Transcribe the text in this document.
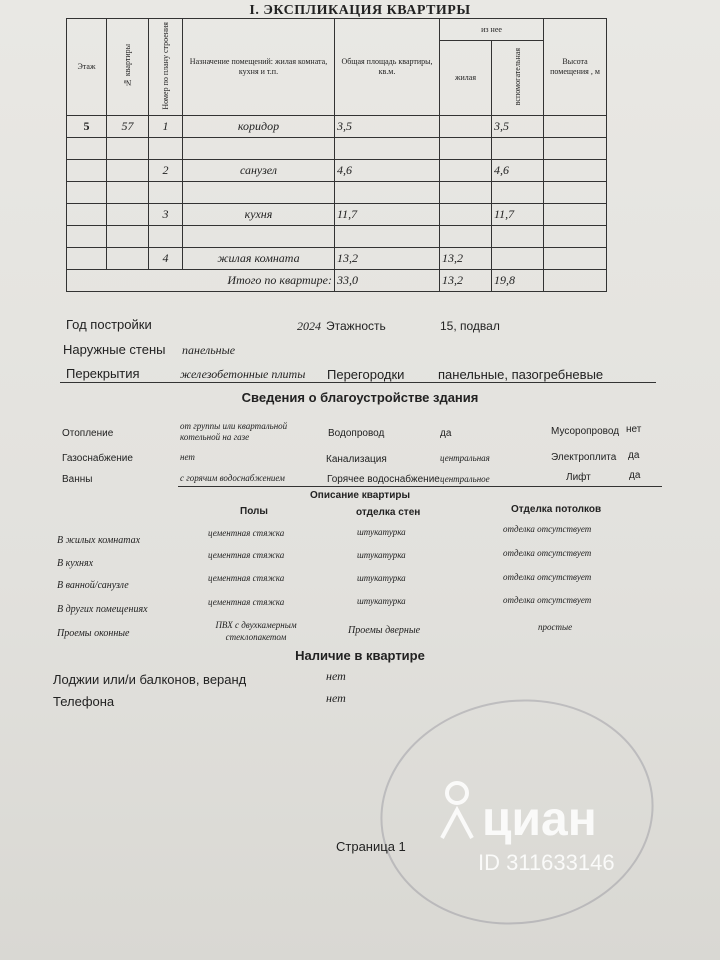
I. ЭКСПЛИКАЦИЯ КВАРТИРЫ
Этаж	№ квартиры	Номер по плану строения	Назначение помещений: жилая комната, кухня и т.п.	Общая площадь квартиры, кв.м.	из нее		Высота помещения , м
					жилая	вспомогательная	
5	57	1	коридор	3,5		3,5	

		2	санузел	4,6		4,6	

		3	кухня	11,7		11,7	

		4	жилая комната	13,2	13,2		
Итого по квартире:				33,0	13,2	19,8	
Год постройки	2024 Этажность	15, подвал
Наружные стены панельные
Перекрытия	железобетонные плиты Перегородки	панельные, пазогребневые
Сведения о благоустройстве здания
Отопление
от группы или квартальной котельной на газе	Водопровод	да	Мусоропровод нет
Газоснабжение	нет	Канализация	центральная	Электроплита да
Ванны	с горячим водоснабжением	Горячее водоснабжение центральное	Лифт	да
Описание квартиры
Полы	отделка стен	Отделка потолков
В жилых комнатах
цементная стяжка	штукатурка	отделка отсутствует
В кухнях
цементная стяжка	штукатурка	отделка отсутствует
В ванной/санузле
цементная стяжка	штукатурка	отделка отсутствует
В других помещениях
цементная стяжка	штукатурка	отделка отсутствует
Проемы оконные
ПВХ с двухкамерным стеклопакетом
Проемы дверные	простые
Наличие в квартире
Лоджии или/и балконов, веранд	нет
Телефона	нет
Страница 1
циан
ID 311633146
